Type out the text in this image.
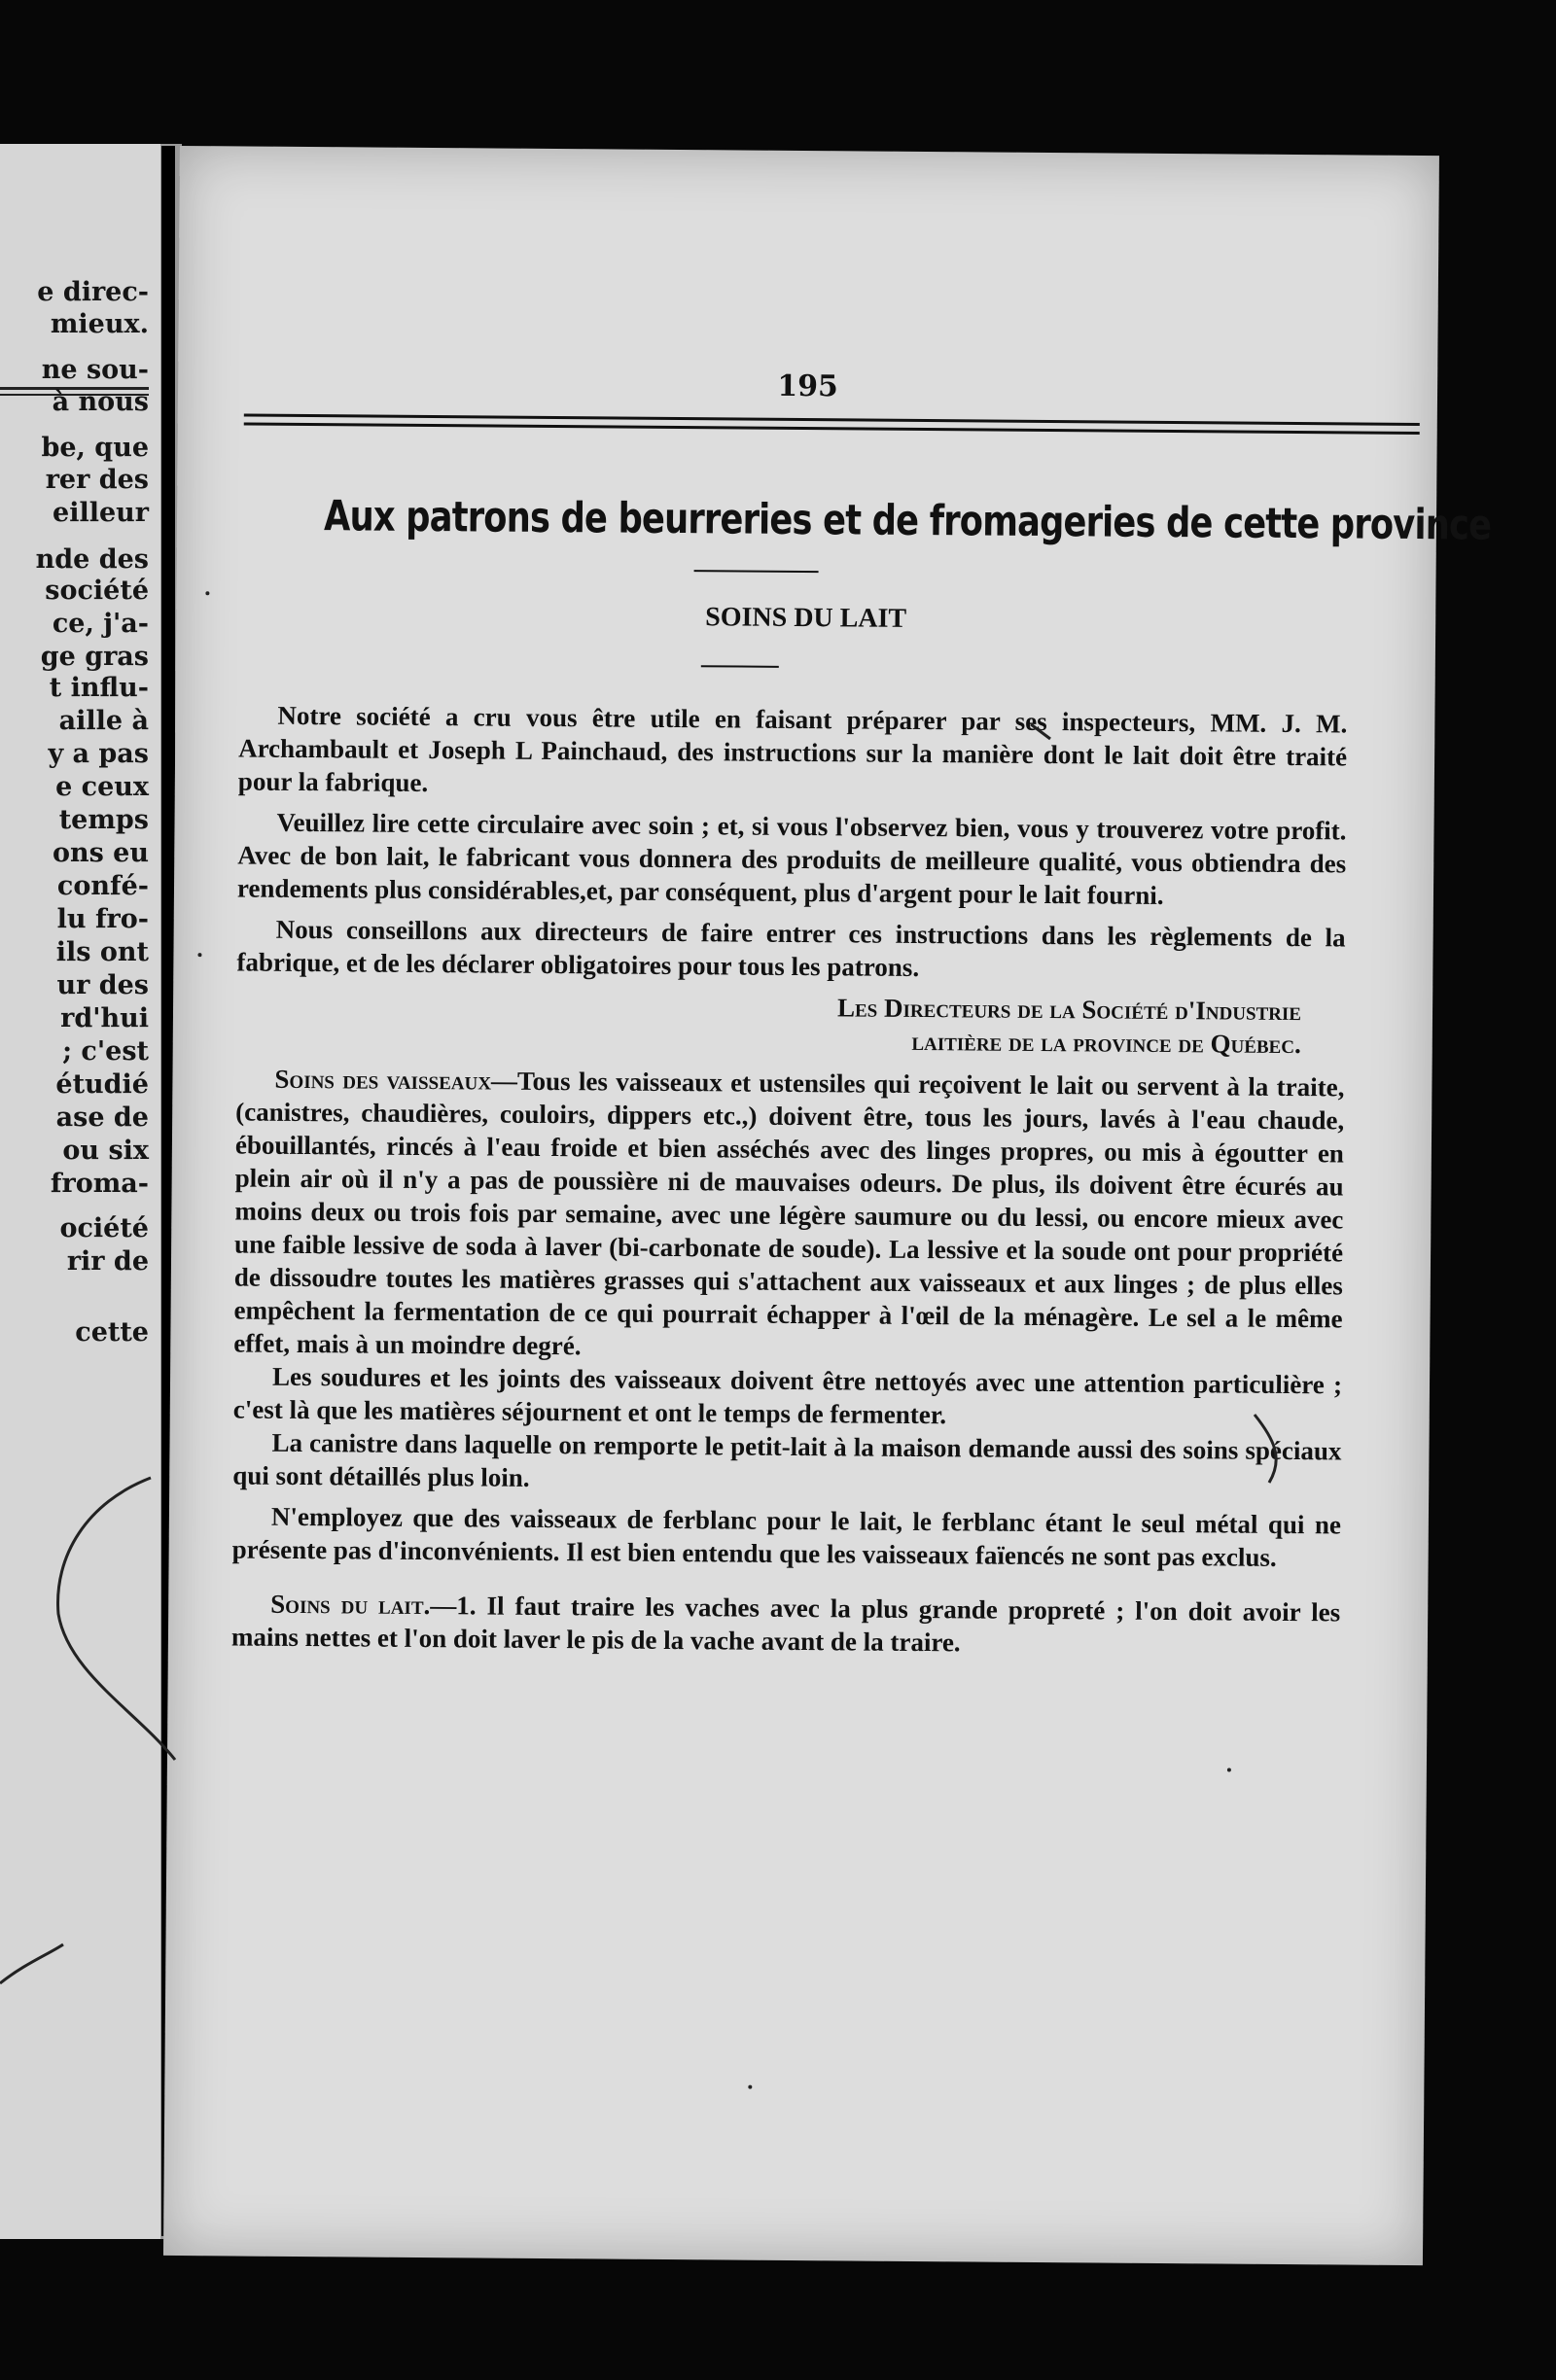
e direc-
mieux.
ne sou-
à nous
be, que
rer des
eilleur
nde des
société
ce, j'a-
ge gras
t influ-
aille à
y a pas
e ceux
temps
ons eu
confé-
lu fro-
ils ont
ur des
rd'hui
; c'est
étudié
ase de
ou six
froma-
ociété
rir de
cette
195
Aux patrons de beurreries et de fromageries de cette province
SOINS DU LAIT

Notre société a cru vous être utile en faisant préparer par ses inspecteurs, MM. J. M. Archambault et Joseph L Painchaud, des instructions sur la manière dont le lait doit être traité pour la fabrique.

Veuillez lire cette circulaire avec soin ; et, si vous l'observez bien, vous y trouverez votre profit. Avec de bon lait, le fabricant vous donnera des produits de meilleure qualité, vous obtiendra des rendements plus considérables,et, par conséquent, plus d'argent pour le lait fourni.

Nous conseillons aux directeurs de faire entrer ces instructions dans les règlements de la fabrique, et de les déclarer obligatoires pour tous les patrons.

Les Directeurs de la Société d'Industrie
laitière de la province de Québec.

Soins des vaisseaux—Tous les vaisseaux et ustensiles qui reçoivent le lait ou servent à la traite, (canistres, chaudières, couloirs, dippers etc.,) doivent être, tous les jours, lavés à l'eau chaude, ébouillantés, rincés à l'eau froide et bien asséchés avec des linges propres, ou mis à égoutter en plein air où il n'y a pas de poussière ni de mauvaises odeurs. De plus, ils doivent être écurés au moins deux ou trois fois par semaine, avec une légère saumure ou du lessi, ou encore mieux avec une faible lessive de soda à laver (bi-carbonate de soude). La lessive et la soude ont pour propriété de dissoudre toutes les matières grasses qui s'attachent aux vaisseaux et aux linges ; de plus elles empêchent la fermentation de ce qui pourrait échapper à l'œil de la ménagère. Le sel a le même effet, mais à un moindre degré.

Les soudures et les joints des vaisseaux doivent être nettoyés avec une attention particulière ; c'est là que les matières séjournent et ont le temps de fermenter.

La canistre dans laquelle on remporte le petit-lait à la maison demande aussi des soins spéciaux qui sont détaillés plus loin.

N'employez que des vaisseaux de ferblanc pour le lait, le ferblanc étant le seul métal qui ne présente pas d'inconvénients. Il est bien entendu que les vaisseaux faïencés ne sont pas exclus.

Soins du lait.—1. Il faut traire les vaches avec la plus grande propreté ; l'on doit avoir les mains nettes et l'on doit laver le pis de la vache avant de la traire.
